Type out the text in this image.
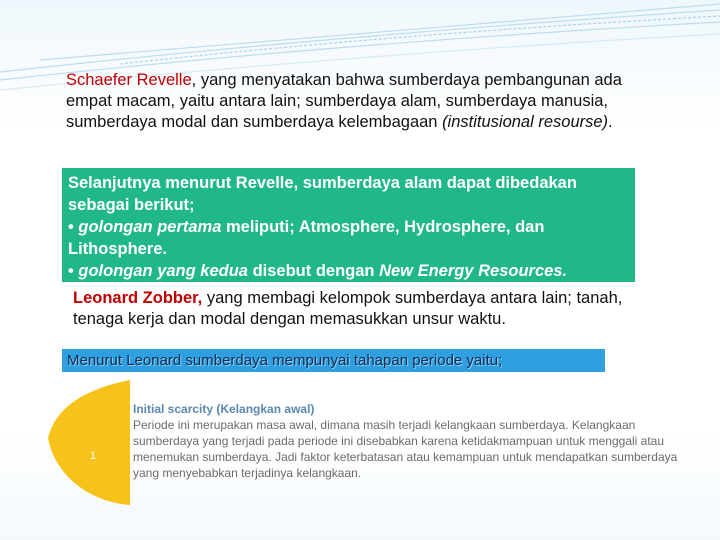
Schaefer Revelle, yang menyatakan bahwa sumberdaya pembangunan ada empat macam, yaitu antara lain; sumberdaya alam, sumberdaya manusia, sumberdaya modal dan sumberdaya kelembagaan (institusional resourse).
Selanjutnya menurut Revelle, sumberdaya alam dapat dibedakan
sebagai berikut;
• golongan pertama meliputi; Atmosphere, Hydrosphere, dan
Lithosphere.
• golongan yang kedua disebut dengan New Energy Resources.
Leonard Zobber, yang membagi kelompok sumberdaya antara lain; tanah, tenaga kerja dan modal dengan memasukkan unsur waktu.
Menurut Leonard sumberdaya mempunyai tahapan periode yaitu;
1
Initial scarcity (Kelangkan awal)
Periode ini merupakan masa awal, dimana masih terjadi kelangkaan sumberdaya. Kelangkaan sumberdaya yang terjadi pada periode ini disebabkan karena ketidakmampuan untuk menggali atau menemukan sumberdaya. Jadi faktor keterbatasan atau kemampuan untuk mendapatkan sumberdaya yang menyebabkan terjadinya kelangkaan.
